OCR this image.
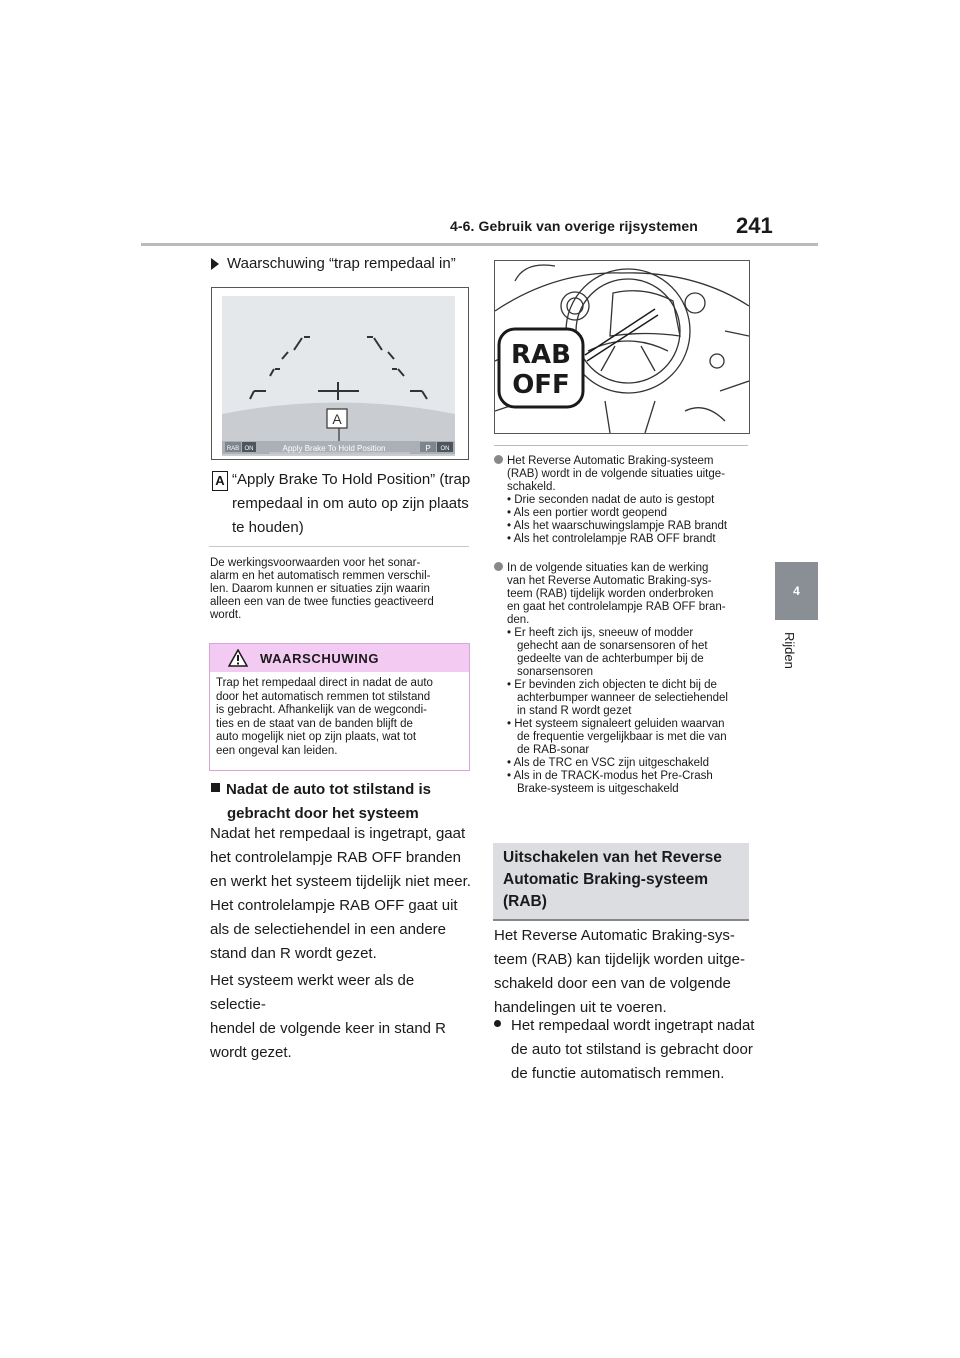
4-6. Gebruik van overige rijsystemen 241
4
Rijden
Waarschuwing “trap rempedaal in”
A
RAB ON	Apply Brake To Hold Position	P ON
A “Apply Brake To Hold Position” (trap
rempedaal in om auto op zijn plaats
te houden)
De werkingsvoorwaarden voor het sonar-
alarm en het automatisch remmen verschil-
len. Daarom kunnen er situaties zijn waarin
alleen een van de twee functies geactiveerd
wordt.
WAARSCHUWING
Trap het rempedaal direct in nadat de auto
door het automatisch remmen tot stilstand
is gebracht. Afhankelijk van de wegcondi-
ties en de staat van de banden blijft de
auto mogelijk niet op zijn plaats, wat tot
een ongeval kan leiden.
Nadat de auto tot stilstand is
gebracht door het systeem
Nadat het rempedaal is ingetrapt, gaat
het controlelampje RAB OFF branden
en werkt het systeem tijdelijk niet meer.
Het controlelampje RAB OFF gaat uit
als de selectiehendel in een andere
stand dan R wordt gezet.
Het systeem werkt weer als de selectie-
hendel de volgende keer in stand R
wordt gezet.
RAB
OFF
Het Reverse Automatic Braking-systeem
(RAB) wordt in de volgende situaties uitge-
schakeld.
• Drie seconden nadat de auto is gestopt
• Als een portier wordt geopend
• Als het waarschuwingslampje RAB brandt
• Als het controlelampje RAB OFF brandt
In de volgende situaties kan de werking
van het Reverse Automatic Braking-sys-
teem (RAB) tijdelijk worden onderbroken
en gaat het controlelampje RAB OFF bran-
den.
• Er heeft zich ijs, sneeuw of modder
gehecht aan de sonarsensoren of het
gedeelte van de achterbumper bij de
sonarsensoren
• Er bevinden zich objecten te dicht bij de
achterbumper wanneer de selectiehendel
in stand R wordt gezet
• Het systeem signaleert geluiden waarvan
de frequentie vergelijkbaar is met die van
de RAB-sonar
• Als de TRC en VSC zijn uitgeschakeld
• Als in de TRACK-modus het Pre-Crash
Brake-systeem is uitgeschakeld
Uitschakelen van het Reverse
Automatic Braking-systeem
(RAB)
Het Reverse Automatic Braking-sys-
teem (RAB) kan tijdelijk worden uitge-
schakeld door een van de volgende
handelingen uit te voeren.
Het rempedaal wordt ingetrapt nadat
de auto tot stilstand is gebracht door
de functie automatisch remmen.
